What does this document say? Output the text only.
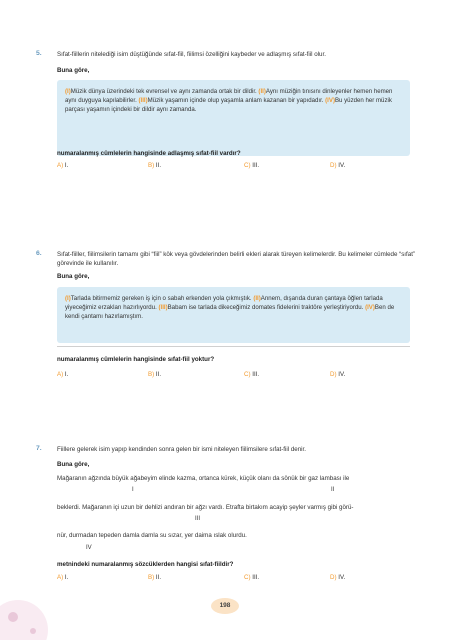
5. Sıfat-fiillerin nitelediği isim düştüğünde sıfat-fiil, fiilimsi özelliğini kaybeder ve adlaşmış sıfat-fiil olur.
Buna göre,
(I)Müzik dünya üzerindeki tek evrensel ve aynı zamanda ortak bir dildir. (II)Aynı müziğin tınısını dinleyenler hemen hemen aynı duyguya kapılabilirler. (III)Müzik yaşamın içinde olup yaşamla anlam kazanan bir yapıdadır. (IV)Bu yüzden her müzik parçası yaşamın içindeki bir dildir aynı zamanda.
numaralanmış cümlelerin hangisinde adlaşmış sıfat-fiil vardır?
A) I.	B) II.	C) III.	D) IV.
6. Sıfat-fiiller, fiilimsilerin tamamı gibi “fiil” kök veya gövdelerinden belirli ekleri alarak türeyen kelimelerdir. Bu kelimeler cümlede “sıfat” görevinde ile kullanılır.
Buna göre,
(I)Tarlada bitirmemiz gereken iş için o sabah erkenden yola çıkmıştık. (II)Annem, dışarıda duran çantaya öğlen tarlada yiyeceğimiz erzakları hazırlıyordu. (III)Babam ise tarlada dikeceğimiz domates fidelerini traktöre yerleştiriyordu. (IV)Ben de kendi çantamı hazırlamıştım.
numaralanmış cümlelerin hangisinde sıfat-fiil yoktur?
A) I.	B) II.	C) III.	D) IV.
7. Fiillere gelerek isim yapıp kendinden sonra gelen bir ismi niteleyen fiilimsilere sıfat-fiil denir.
Buna göre,
Mağaranın ağzında büyük ağabeyim elinde kazma, ortanca kürek, küçük olanı da sönük bir gaz lambası ile
I	II
beklerdi. Mağaranın içi uzun bir dehlizi andıran bir ağzı vardı. Etrafta birtakım acayip şeyler varmış gibi görü-
III
nür, durmadan tepeden damla damla su sızar, yer daima ıslak olurdu.
IV
metnindeki numaralanmış sözcüklerden hangisi sıfat-fiildir?
A) I.	B) II.	C) III.	D) IV.
198
